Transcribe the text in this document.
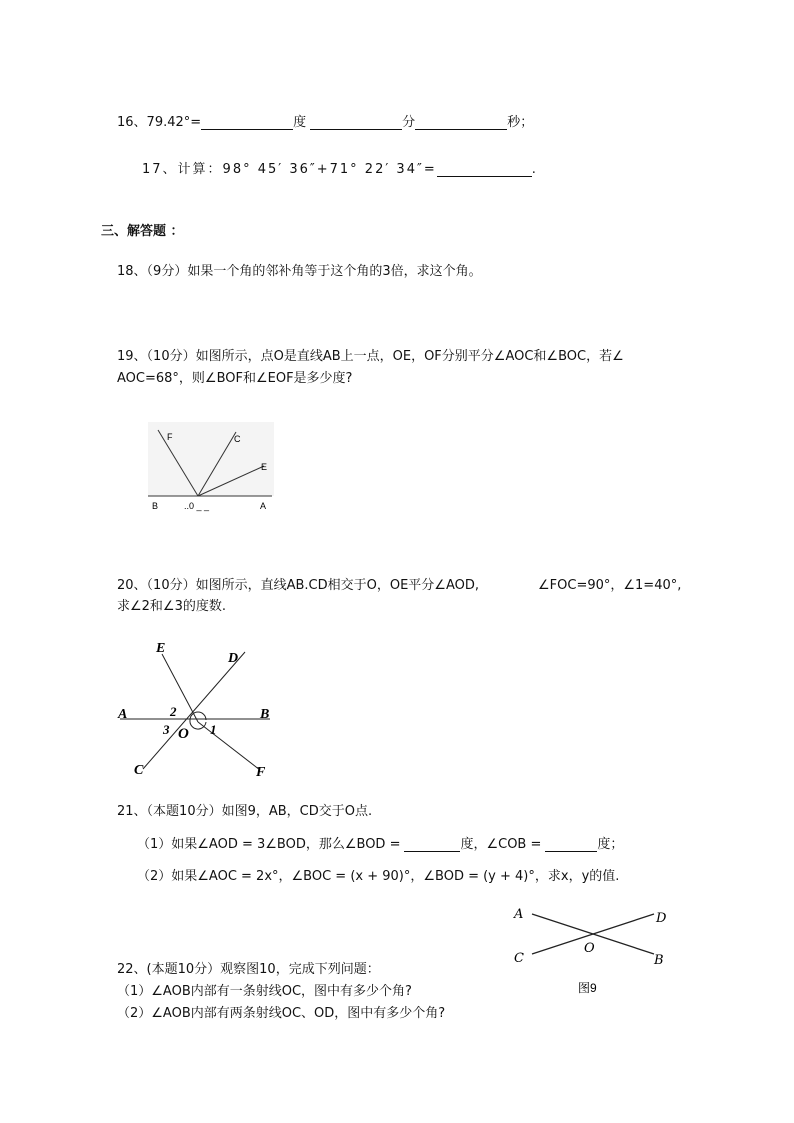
16、79.42°=	度	分	秒；
17、计算：98° 45′ 36″+71° 22′ 34″=	.
三、解答题 ：
18、（9分）如果一个角的邻补角等于这个角的3倍，求这个角。
19、（10分）如图所示，点O是直线AB上一点，OE，OF分别平分∠AOC和∠BOC，若∠
AOC=68°，则∠BOF和∠EOF是多少度?
F	C
E
B	..0 _ _	A
20、（10分）如图所示，直线AB.CD相交于O，OE平分∠AOD,	∠FOC=90°，∠1=40°,
求∠2和∠3的度数.
E
D
A	B
2
3 O 1
C	F
21、（本题10分）如图9，AB，CD交于O点.
（1）如果∠AOD = 3∠BOD，那么∠BOD =	度，∠COB =	度；
（2）如果∠AOC = 2x°，∠BOC = (x + 90)°，∠BOD = (y + 4)°，求x，y的值.
A	D
O
C	B
图9
22、(本题10分）观察图10，完成下列问题：
（1）∠AOB内部有一条射线OC，图中有多少个角?
（2）∠AOB内部有两条射线OC、OD，图中有多少个角?
